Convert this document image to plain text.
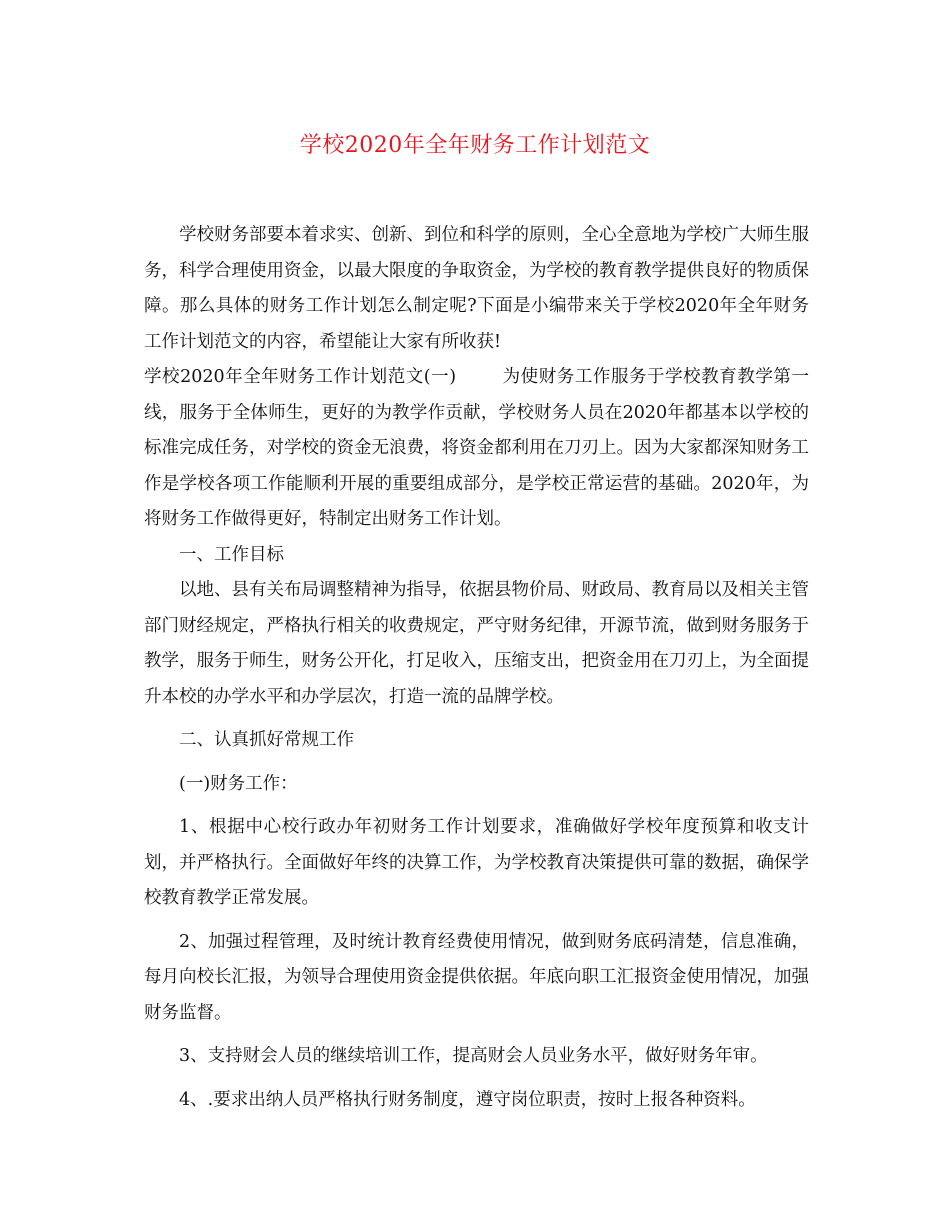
学校2020年全年财务工作计划范文

学校财务部要本着求实、创新、到位和科学的原则，全心全意地为学校广大师生服务，科学合理使用资金，以最大限度的争取资金，为学校的教育教学提供良好的物质保障。那么具体的财务工作计划怎么制定呢?下面是小编带来关于学校2020年全年财务工作计划范文的内容，希望能让大家有所收获!

学校2020年全年财务工作计划范文(一)	为使财务工作服务于学校教育教学第一线，服务于全体师生，更好的为教学作贡献，学校财务人员在2020年都基本以学校的标准完成任务，对学校的资金无浪费，将资金都利用在刀刃上。因为大家都深知财务工作是学校各项工作能顺利开展的重要组成部分，是学校正常运营的基础。2020年，为将财务工作做得更好，特制定出财务工作计划。

一、工作目标

以地、县有关布局调整精神为指导，依据县物价局、财政局、教育局以及相关主管部门财经规定，严格执行相关的收费规定，严守财务纪律，开源节流，做到财务服务于教学，服务于师生，财务公开化，打足收入，压缩支出，把资金用在刀刃上，为全面提升本校的办学水平和办学层次，打造一流的品牌学校。

二、认真抓好常规工作

(一)财务工作：

1、根据中心校行政办年初财务工作计划要求，准确做好学校年度预算和收支计划，并严格执行。全面做好年终的决算工作，为学校教育决策提供可靠的数据，确保学校教育教学正常发展。

2、加强过程管理，及时统计教育经费使用情况，做到财务底码清楚，信息准确，每月向校长汇报，为领导合理使用资金提供依据。年底向职工汇报资金使用情况，加强财务监督。

3、支持财会人员的继续培训工作，提高财会人员业务水平，做好财务年审。

4、.要求出纳人员严格执行财务制度，遵守岗位职责，按时上报各种资料。
